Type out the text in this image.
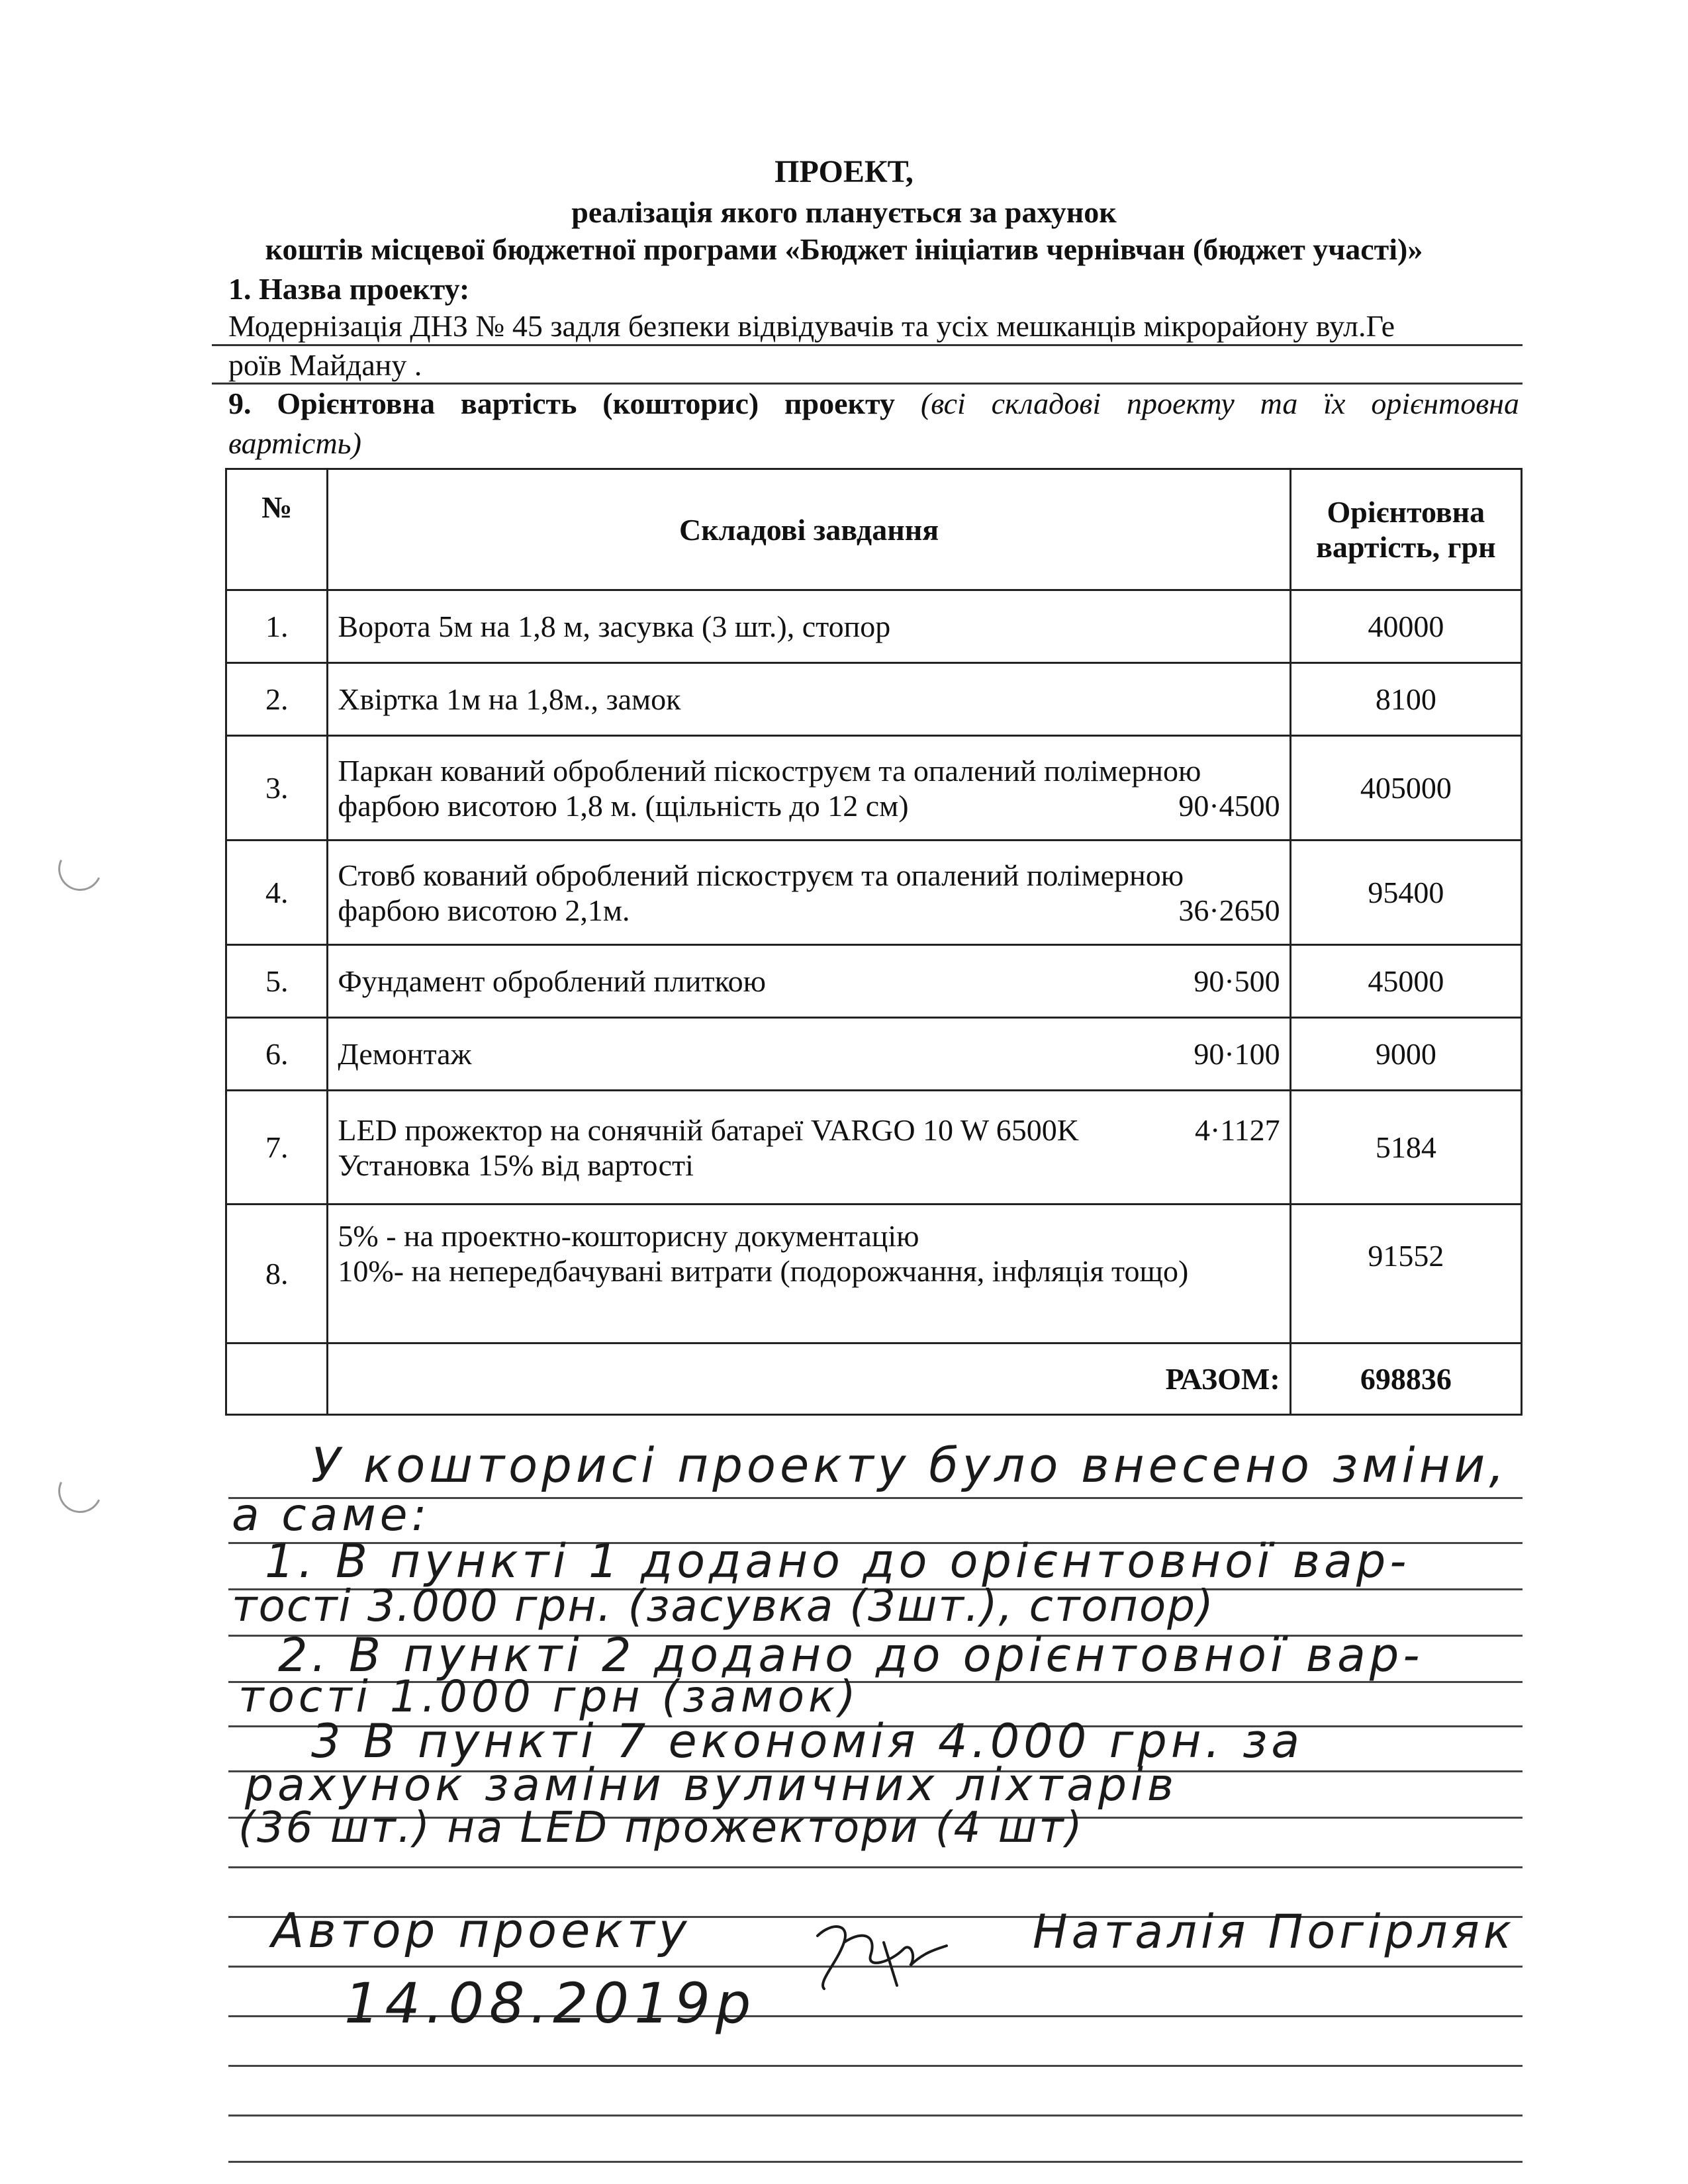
ПРОЕКТ,
реалізація якого планується за рахунок
коштів місцевої бюджетної програми «Бюджет ініціатив чернівчан (бюджет участі)»
1. Назва проекту:
Модернізація ДНЗ № 45 задля безпеки відвідувачів та усіх мешканців мікрорайону вул.Ге
роїв Майдану .
9. Орієнтовна вартість (кошторис) проекту (всі складові проекту та їх орієнтовна
вартість)
№	Складові завдання	Орієнтовна
вартість, грн

1.	Ворота 5м на 1,8 м, засувка (3 шт.), стопор	40000
2.	Хвіртка 1м на 1,8м., замок	8100
3.	Паркан кований оброблений піскоструєм та опалений полімерною
фарбою висотою 1,8 м. (щільність до 12 см) 90·4500	405000
4.	Стовб кований оброблений піскоструєм та опалений полімерною
фарбою висотою 2,1м. 36·2650	95400
5.	Фундамент оброблений плиткою 90·500	45000
6.	Демонтаж 90·100	9000
7.	LED прожектор на сонячній батареї VARGO 10 W 6500K 4·1127
Установка 15% від вартості	5184
8.	5% - на проектно-кошторисну документацію
10%- на непередбачувані витрати (подорожчання, інфляція тощо)	91552
	РАЗОМ:	698836
У кошторисі проекту було внесено зміни,
а саме:
1. В пункті 1 додано до орієнтовної вар-
тості 3.000 грн. (засувка (3шт.), стопор)
2. В пункті 2 додано до орієнтовної вар-
тості 1.000 грн (замок)
3 В пункті 7 економія 4.000 грн. за
рахунок заміни вуличних ліхтарів
(36 шт.) на LED прожектори (4 шт)
Автор проекту	Наталія Погірляк
14.08.2019р
